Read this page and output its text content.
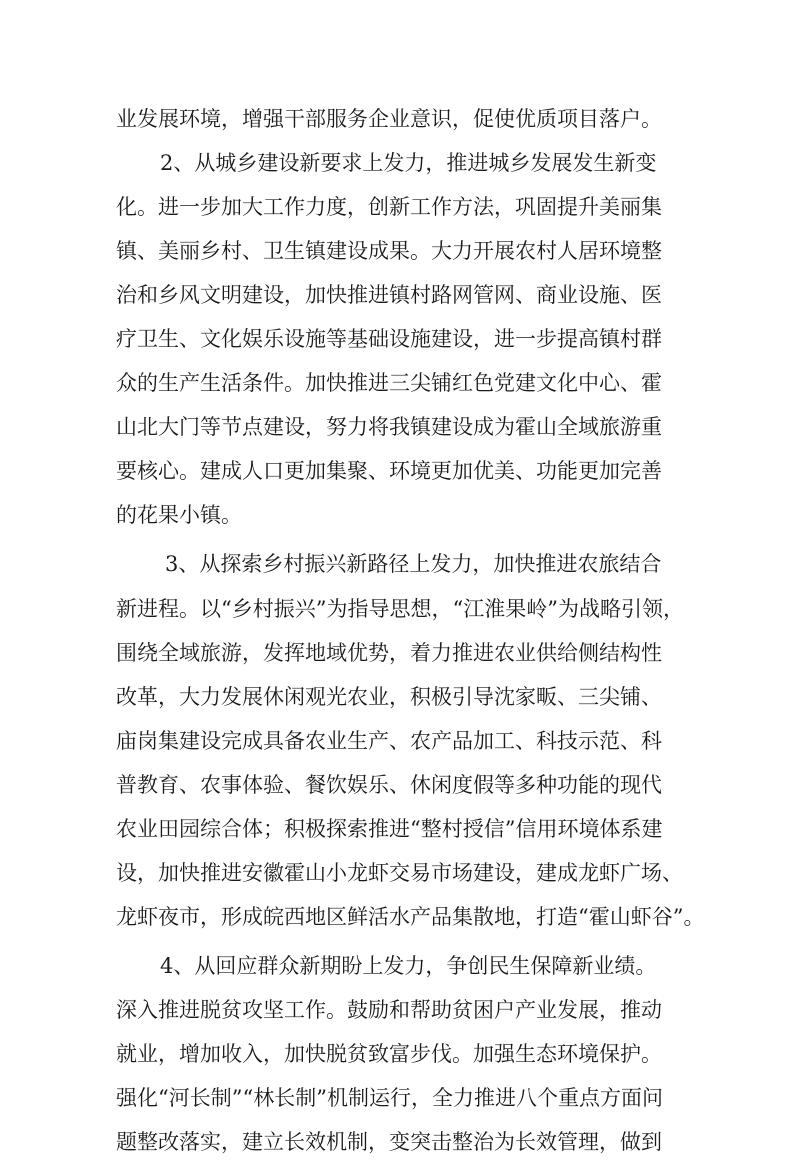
业发展环境，增强干部服务企业意识，促使优质项目落户。
2、从城乡建设新要求上发力，推进城乡发展发生新变
化。进一步加大工作力度，创新工作方法，巩固提升美丽集
镇、美丽乡村、卫生镇建设成果。大力开展农村人居环境整
治和乡风文明建设，加快推进镇村路网管网、商业设施、医
疗卫生、文化娱乐设施等基础设施建设，进一步提高镇村群
众的生产生活条件。加快推进三尖铺红色党建文化中心、霍
山北大门等节点建设，努力将我镇建设成为霍山全域旅游重
要核心。建成人口更加集聚、环境更加优美、功能更加完善
的花果小镇。
3、从探索乡村振兴新路径上发力，加快推进农旅结合
新进程。以“乡村振兴”为指导思想，“江淮果岭”为战略引领，
围绕全域旅游，发挥地域优势，着力推进农业供给侧结构性
改革，大力发展休闲观光农业，积极引导沈家畈、三尖铺、
庙岗集建设完成具备农业生产、农产品加工、科技示范、科
普教育、农事体验、餐饮娱乐、休闲度假等多种功能的现代
农业田园综合体；积极探索推进“整村授信”信用环境体系建
设，加快推进安徽霍山小龙虾交易市场建设，建成龙虾广场、
龙虾夜市，形成皖西地区鲜活水产品集散地，打造“霍山虾谷”。
4、从回应群众新期盼上发力，争创民生保障新业绩。
深入推进脱贫攻坚工作。鼓励和帮助贫困户产业发展，推动
就业，增加收入，加快脱贫致富步伐。加强生态环境保护。
强化“河长制”“林长制”机制运行，全力推进八个重点方面问
题整改落实，建立长效机制，变突击整治为长效管理，做到
